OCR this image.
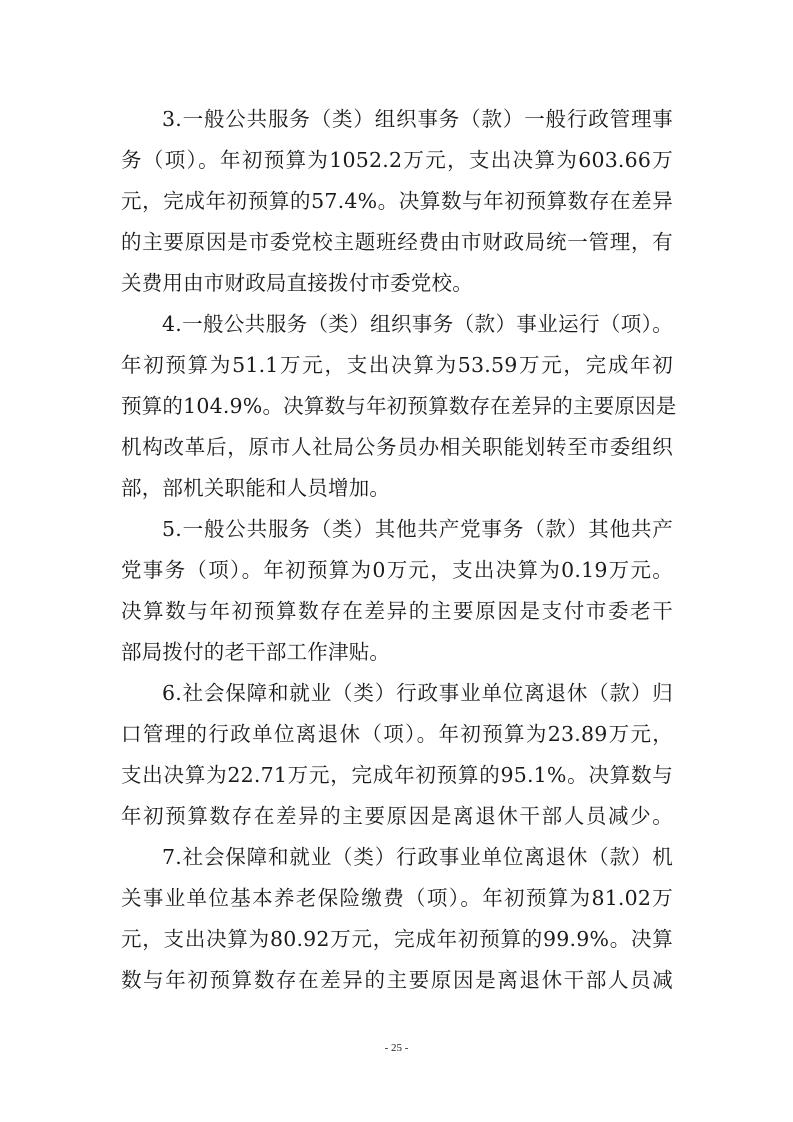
3.一般公共服务（类）组织事务（款）一般行政管理事
务（项）。年初预算为1052.2万元，支出决算为603.66万
元，完成年初预算的57.4%。决算数与年初预算数存在差异
的主要原因是市委党校主题班经费由市财政局统一管理，有
关费用由市财政局直接拨付市委党校。
4.一般公共服务（类）组织事务（款）事业运行（项）。
年初预算为51.1万元，支出决算为53.59万元，完成年初
预算的104.9%。决算数与年初预算数存在差异的主要原因是
机构改革后，原市人社局公务员办相关职能划转至市委组织
部，部机关职能和人员增加。
5.一般公共服务（类）其他共产党事务（款）其他共产
党事务（项）。年初预算为0万元，支出决算为0.19万元。
决算数与年初预算数存在差异的主要原因是支付市委老干
部局拨付的老干部工作津贴。
6.社会保障和就业（类）行政事业单位离退休（款）归
口管理的行政单位离退休（项）。年初预算为23.89万元，
支出决算为22.71万元，完成年初预算的95.1%。决算数与
年初预算数存在差异的主要原因是离退休干部人员减少。
7.社会保障和就业（类）行政事业单位离退休（款）机
关事业单位基本养老保险缴费（项）。年初预算为81.02万
元，支出决算为80.92万元，完成年初预算的99.9%。决算
数与年初预算数存在差异的主要原因是离退休干部人员减
- 25 -
